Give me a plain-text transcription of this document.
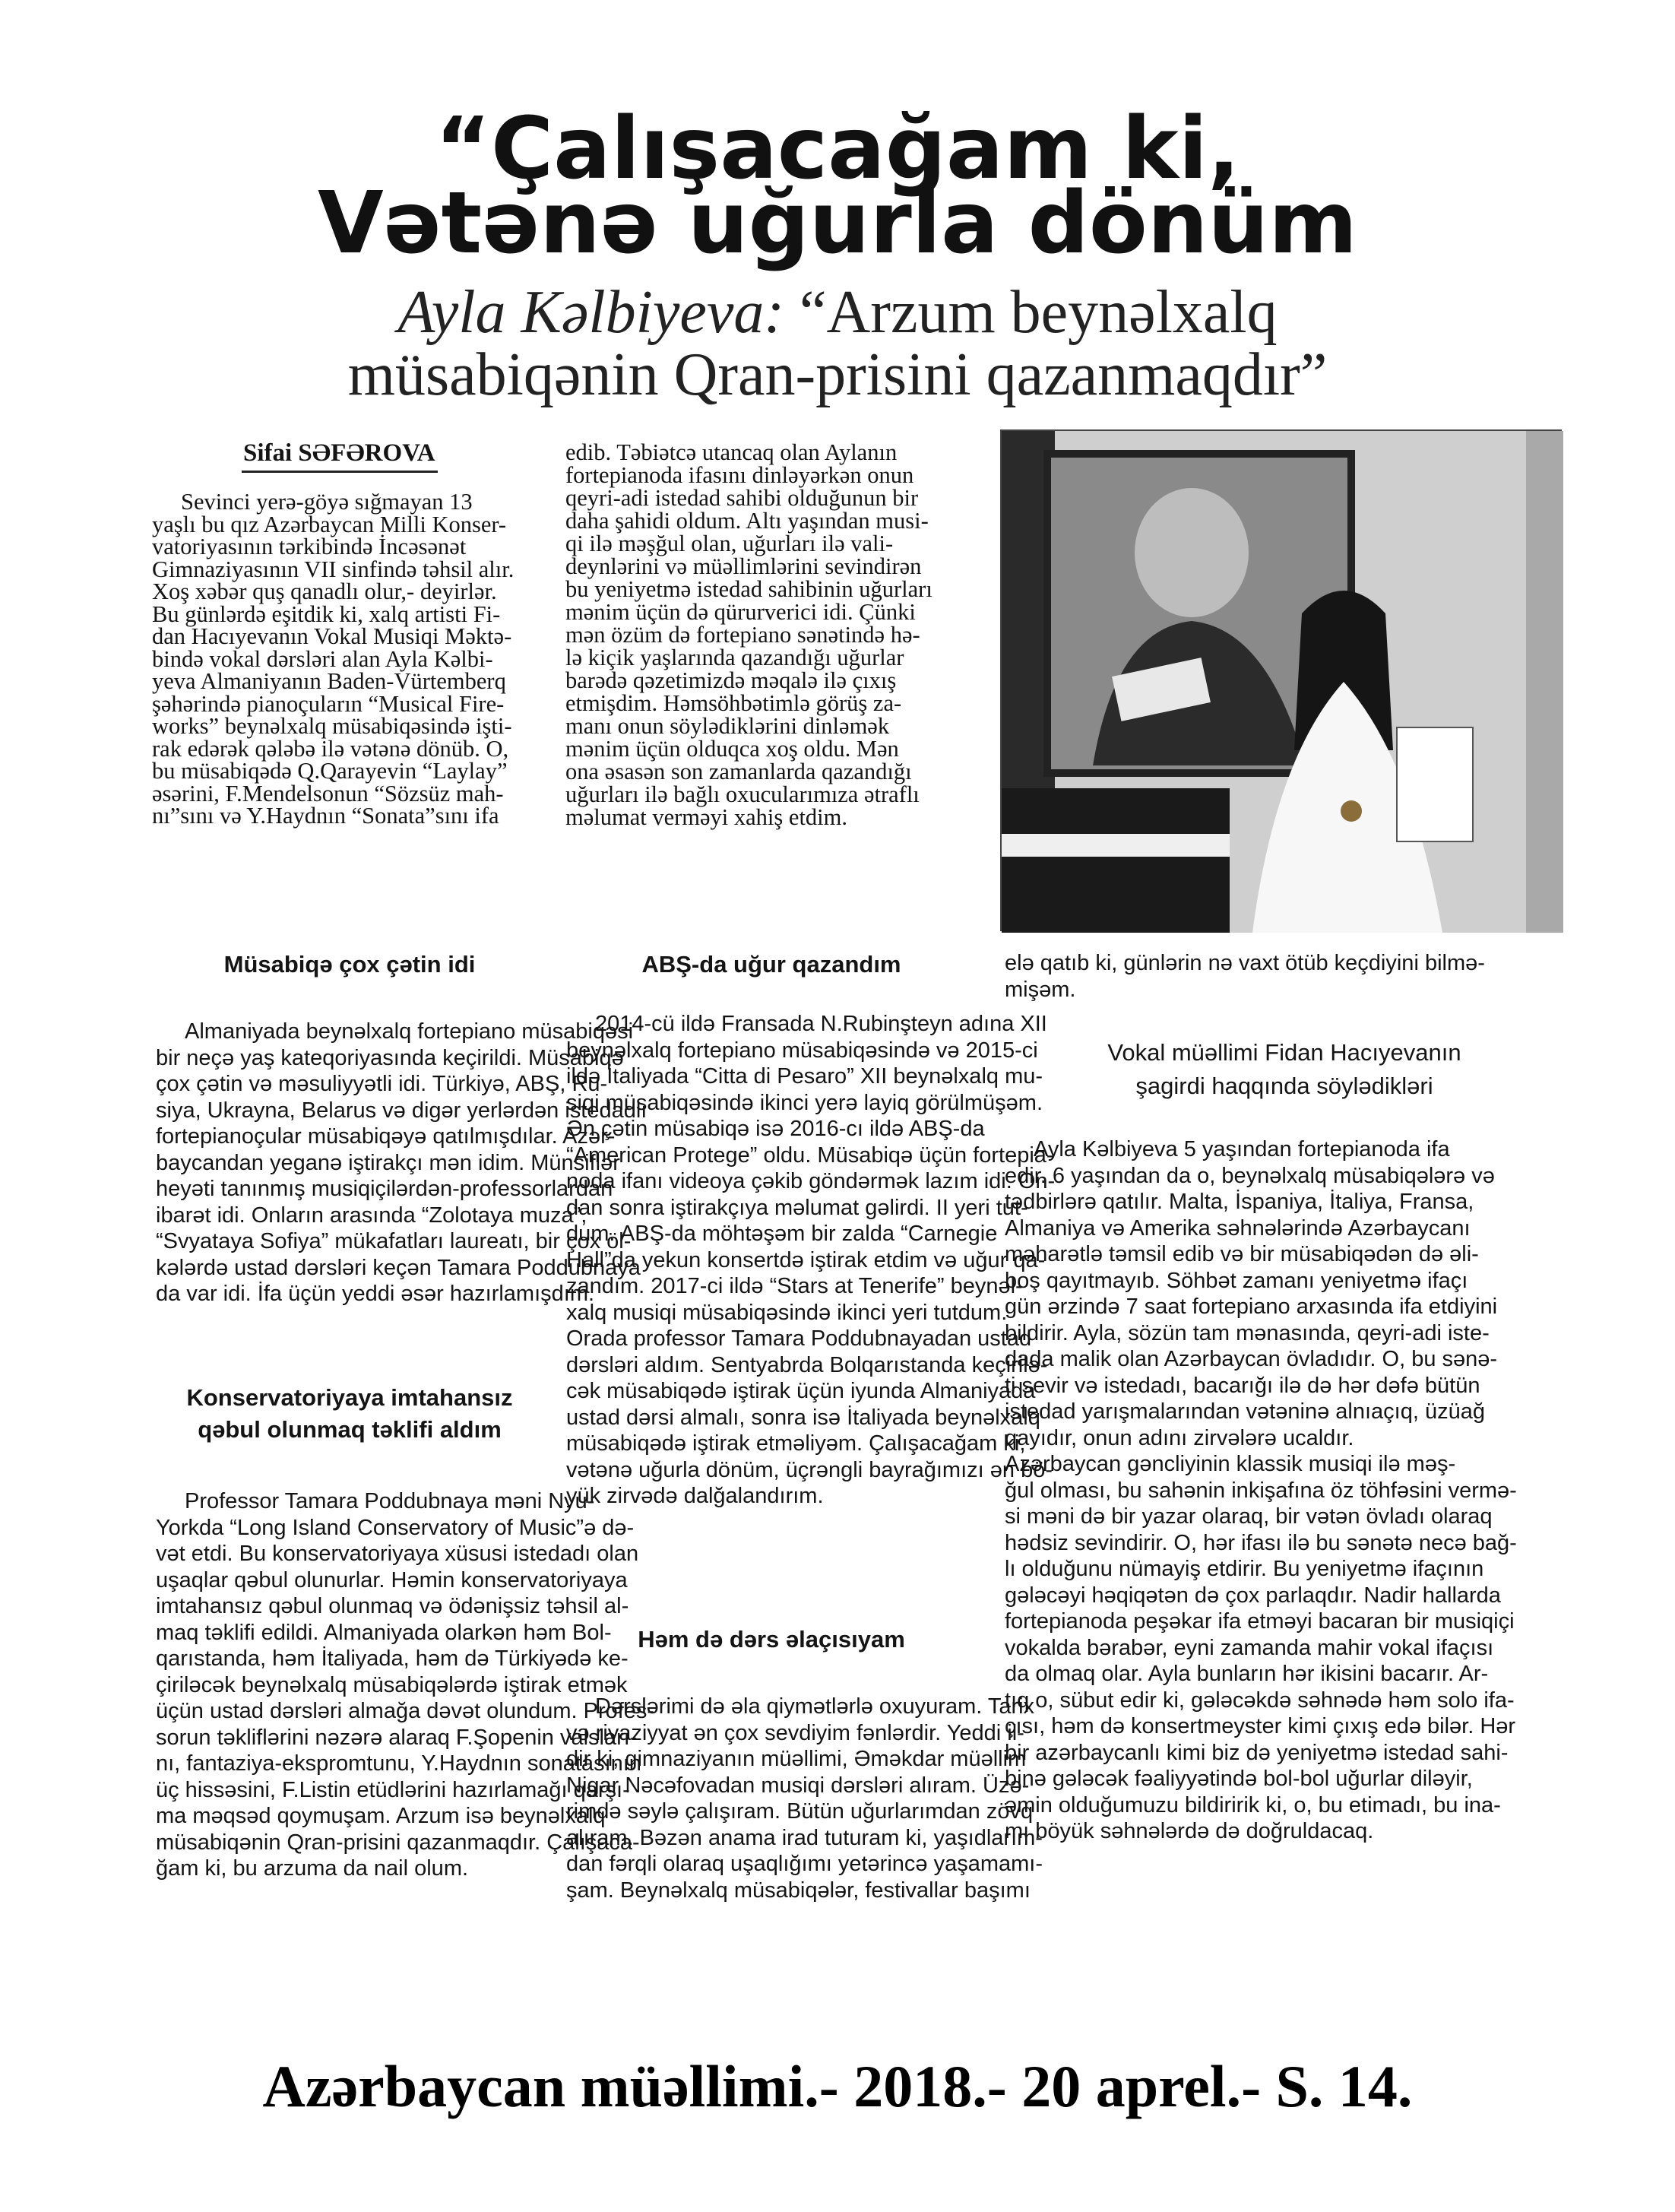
“Çalışacağam ki,
Vətənə uğurla dönüm
Ayla Kəlbiyeva: “Arzum beynəlxalq
müsabiqənin Qran-prisini qazanmaqdır”
Sifai SƏFƏROVA
Sevinci yerə-göyə sığmayan 13
yaşlı bu qız Azərbaycan Milli Konser-
vatoriyasının tərkibində İncəsənət
Gimnaziyasının VII sinfində təhsil alır.
Xoş xəbər quş qanadlı olur,- deyirlər.
Bu günlərdə eşitdik ki, xalq artisti Fi-
dan Hacıyevanın Vokal Musiqi Məktə-
bində vokal dərsləri alan Ayla Kəlbi-
yeva Almaniyanın Baden-Vürtemberq
şəhərində pianoçuların “Musical Fire-
works” beynəlxalq müsabiqəsində işti-
rak edərək qələbə ilə vətənə dönüb. O,
bu müsabiqədə Q.Qarayevin “Laylay”
əsərini, F.Mendelsonun “Sözsüz mah-
nı”sını və Y.Haydnın “Sonata”sını ifa
edib. Təbiətcə utancaq olan Aylanın
fortepianoda ifasını dinləyərkən onun
qeyri-adi istedad sahibi olduğunun bir
daha şahidi oldum. Altı yaşından musi-
qi ilə məşğul olan, uğurları ilə vali-
deynlərini və müəllimlərini sevindirən
bu yeniyetmə istedad sahibinin uğurları
mənim üçün də qürurverici idi. Çünki
mən özüm də fortepiano sənətində hə-
lə kiçik yaşlarında qazandığı uğurlar
barədə qəzetimizdə məqalə ilə çıxış
etmişdim. Həmsöhbətimlə görüş za-
manı onun söylədiklərini dinləmək
mənim üçün olduqca xoş oldu. Mən
ona əsasən son zamanlarda qazandığı
uğurları ilə bağlı oxucularımıza ətraflı
məlumat verməyi xahiş etdim.
Müsabiqə çox çətin idi
Almaniyada beynəlxalq fortepiano müsabiqəsi
bir neçə yaş kateqoriyasında keçirildi. Müsabiqə
çox çətin və məsuliyyətli idi. Türkiyə, ABŞ, Ru-
siya, Ukrayna, Belarus və digər yerlərdən istedadlı
fortepianoçular müsabiqəyə qatılmışdılar. Azər-
baycandan yeganə iştirakçı mən idim. Münsiflər
heyəti tanınmış musiqiçilərdən-professorlardan
ibarət idi. Onların arasında “Zolotaya muza”,
“Svyataya Sofiya” mükafatları laureatı, bir çox öl-
kələrdə ustad dərsləri keçən Tamara Poddubnaya
da var idi. İfa üçün yeddi əsər hazırlamışdım.
Konservatoriyaya imtahansız
qəbul olunmaq təklifi aldım
Professor Tamara Poddubnaya məni Nyu-
Yorkda “Long Island Conservatory of Music”ə də-
vət etdi. Bu konservatoriyaya xüsusi istedadı olan
uşaqlar qəbul olunurlar. Həmin konservatoriyaya
imtahansız qəbul olunmaq və ödənişsiz təhsil al-
maq təklifi edildi. Almaniyada olarkən həm Bol-
qarıstanda, həm İtaliyada, həm də Türkiyədə ke-
çiriləcək beynəlxalq müsabiqələrdə iştirak etmək
üçün ustad dərsləri almağa dəvət olundum. Profes-
sorun təkliflərini nəzərə alaraq F.Şopenin valsları-
nı, fantaziya-ekspromtunu, Y.Haydnın sonatasının
üç hissəsini, F.Listin etüdlərini hazırlamağı qarşı-
ma məqsəd qoymuşam. Arzum isə beynəlxalq
müsabiqənin Qran-prisini qazanmaqdır. Çalışaca-
ğam ki, bu arzuma da nail olum.
ABŞ-da uğur qazandım
2014-cü ildə Fransada N.Rubinşteyn adına XII
beynəlxalq fortepiano müsabiqəsində və 2015-ci
ildə İtaliyada “Citta di Pesaro” XII beynəlxalq mu-
siqi müsabiqəsində ikinci yerə layiq görülmüşəm.
Ən çətin müsabiqə isə 2016-cı ildə ABŞ-da
“American Protege” oldu. Müsabiqə üçün fortepia-
noda ifanı videoya çəkib göndərmək lazım idi. On-
dan sonra iştirakçıya məlumat gəlirdi. II yeri tut-
dum. ABŞ-da möhtəşəm bir zalda “Carnegie
Hall”da yekun konsertdə iştirak etdim və uğur qa-
zandım. 2017-ci ildə “Stars at Tenerife” beynəl-
xalq musiqi müsabiqəsində ikinci yeri tutdum.
Orada professor Tamara Poddubnayadan ustad
dərsləri aldım. Sentyabrda Bolqarıstanda keçirilə-
cək müsabiqədə iştirak üçün iyunda Almaniyada
ustad dərsi almalı, sonra isə İtaliyada beynəlxalq
müsabiqədə iştirak etməliyəm. Çalışacağam ki,
vətənə uğurla dönüm, üçrəngli bayrağımızı ən bö-
yük zirvədə dalğalandırım.
Həm də dərs əlaçısıyam
Dərslərimi də əla qiymətlərlə oxuyuram. Tarix
və riyaziyyat ən çox sevdiyim fənlərdir. Yeddi il-
dir ki, gimnaziyanın müəllimi, Əməkdar müəllim
Nigar Nəcəfovadan musiqi dərsləri alıram. Üzə-
rimdə səylə çalışıram. Bütün uğurlarımdan zövq
alıram. Bəzən anama irad tuturam ki, yaşıdlarım-
dan fərqli olaraq uşaqlığımı yetərincə yaşamamı-
şam. Beynəlxalq müsabiqələr, festivallar başımı
elə qatıb ki, günlərin nə vaxt ötüb keçdiyini bilmə-
mişəm.
Vokal müəllimi Fidan Hacıyevanın
şagirdi haqqında söylədikləri
Ayla Kəlbiyeva 5 yaşından fortepianoda ifa
edir. 6 yaşından da o, beynəlxalq müsabiqələrə və
tədbirlərə qatılır. Malta, İspaniya, İtaliya, Fransa,
Almaniya və Amerika səhnələrində Azərbaycanı
məharətlə təmsil edib və bir müsabiqədən də əli-
boş qayıtmayıb. Söhbət zamanı yeniyetmə ifaçı
gün ərzində 7 saat fortepiano arxasında ifa etdiyini
bildirir. Ayla, sözün tam mənasında, qeyri-adi iste-
dada malik olan Azərbaycan övladıdır. O, bu sənə-
ti sevir və istedadı, bacarığı ilə də hər dəfə bütün
istedad yarışmalarından vətəninə alnıaçıq, üzüağ
qayıdır, onun adını zirvələrə ucaldır.
Azərbaycan gəncliyinin klassik musiqi ilə məş-
ğul olması, bu sahənin inkişafına öz töhfəsini vermə-
si məni də bir yazar olaraq, bir vətən övladı olaraq
hədsiz sevindirir. O, hər ifası ilə bu sənətə necə bağ-
lı olduğunu nümayiş etdirir. Bu yeniyetmə ifaçının
gələcəyi həqiqətən də çox parlaqdır. Nadir hallarda
fortepianoda peşəkar ifa etməyi bacaran bir musiqiçi
vokalda bərabər, eyni zamanda mahir vokal ifaçısı
da olmaq olar. Ayla bunların hər ikisini bacarır. Ar-
tıq o, sübut edir ki, gələcəkdə səhnədə həm solo ifa-
çısı, həm də konsertmeyster kimi çıxış edə bilər. Hər
bir azərbaycanlı kimi biz də yeniyetmə istedad sahi-
binə gələcək fəaliyyətində bol-bol uğurlar diləyir,
əmin olduğumuzu bildiririk ki, o, bu etimadı, bu ina-
mı böyük səhnələrdə də doğruldacaq.
Azərbaycan müəllimi.- 2018.- 20 aprel.- S. 14.
